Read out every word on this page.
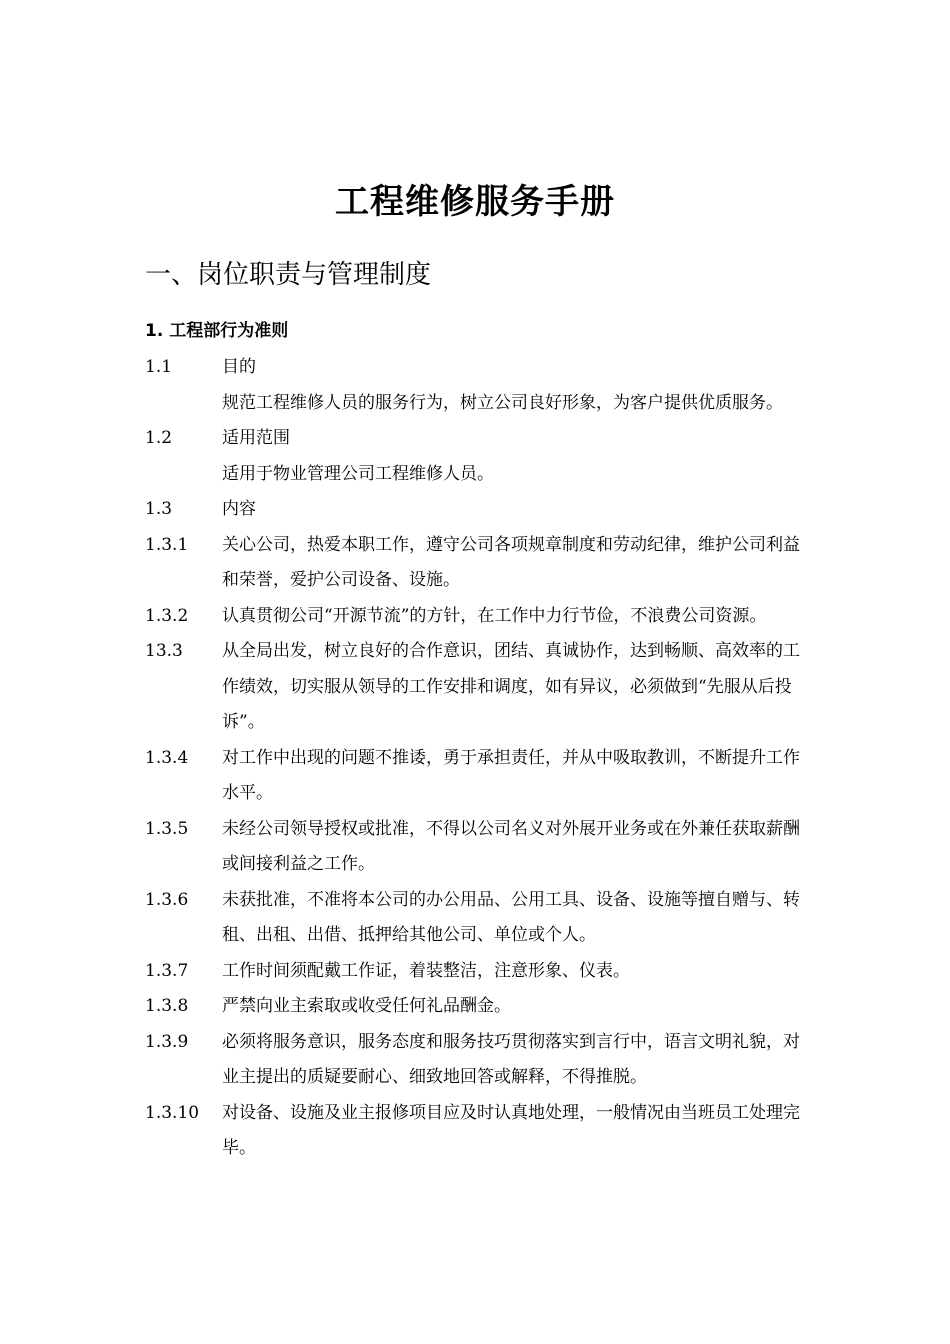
工程维修服务手册
一、岗位职责与管理制度
1. 工程部行为准则
1.1	目的
规范工程维修人员的服务行为，树立公司良好形象，为客户提供优质服务。
1.2	适用范围
适用于物业管理公司工程维修人员。
1.3	内容
1.3.1	关心公司，热爱本职工作，遵守公司各项规章制度和劳动纪律，维护公司利益和荣誉，爱护公司设备、设施。
1.3.2	认真贯彻公司“开源节流”的方针，在工作中力行节俭，不浪费公司资源。
13.3	从全局出发，树立良好的合作意识，团结、真诚协作，达到畅顺、高效率的工作绩效，切实服从领导的工作安排和调度，如有异议，必须做到“先服从后投诉”。
1.3.4	对工作中出现的问题不推诿，勇于承担责任，并从中吸取教训，不断提升工作水平。
1.3.5	未经公司领导授权或批准，不得以公司名义对外展开业务或在外兼任获取薪酬或间接利益之工作。
1.3.6	未获批准，不准将本公司的办公用品、公用工具、设备、设施等擅自赠与、转租、出租、出借、抵押给其他公司、单位或个人。
1.3.7	工作时间须配戴工作证，着装整洁，注意形象、仪表。
1.3.8	严禁向业主索取或收受任何礼品酬金。
1.3.9	必须将服务意识，服务态度和服务技巧贯彻落实到言行中，语言文明礼貌，对业主提出的质疑要耐心、细致地回答或解释，不得推脱。
1.3.10	对设备、设施及业主报修项目应及时认真地处理，一般情况由当班员工处理完毕。
